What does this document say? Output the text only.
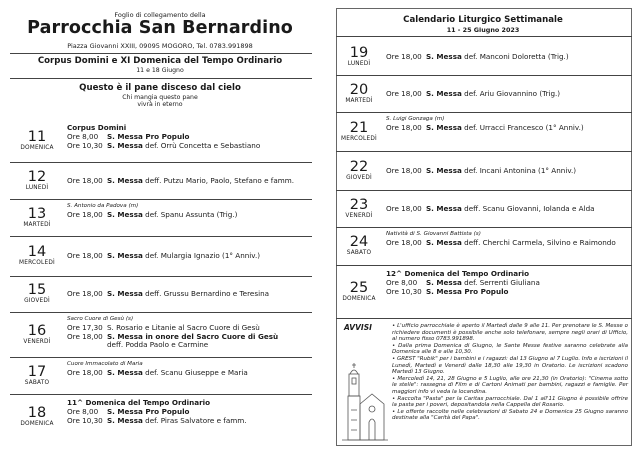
Foglio di collegamento della
Parrocchia San Bernardino
Piazza Giovanni XXIII, 09095 MOGORO, Tel. 0783.991898
Corpus Domini e XI Domenica del Tempo Ordinario
11 e 18 Giugno
Questo è il pane disceso dal cielo
Chi mangia questo pane
vivrà in eterno
11
DOMENICA
Corpus Domini
Ore 8,00 S. Messa Pro Populo
Ore 10,30 S. Messa def. Orrù Concetta e Sebastiano
12
LUNEDÌ
Ore 18,00 S. Messa deff. Putzu Mario, Paolo, Stefano e famm.
13
MARTEDÌ
S. Antonio da Padova (m)
Ore 18,00 S. Messa def. Spanu Assunta (Trig.)
14
MERCOLEDÌ
Ore 18,00 S. Messa def. Mulargia Ignazio (1° Anniv.)
15
GIOVEDÌ
Ore 18,00 S. Messa deff. Grussu Bernardino e Teresina
16
VENERDÌ
Sacro Cuore di Gesù (s)
Ore 17,30 S. Rosario e Litanie al Sacro Cuore di Gesù
Ore 18,00 S. Messa in onore del Sacro Cuore di Gesù
deff. Podda Paolo e Carmine
17
SABATO
Cuore Immacolato di Maria
Ore 18,00 S. Messa def. Scanu Giuseppe e Maria
18
DOMENICA
11^ Domenica del Tempo Ordinario
Ore 8,00 S. Messa Pro Populo
Ore 10,30 S. Messa def. Piras Salvatore e famm.
Calendario Liturgico Settimanale
11 - 25 Giugno 2023
19
LUNEDÌ
Ore 18,00 S. Messa def. Manconi Doloretta (Trig.)
20
MARTEDÌ
Ore 18,00 S. Messa def. Ariu Giovannino (Trig.)
21
MERCOLEDÌ
S. Luigi Gonzaga (m)
Ore 18,00 S. Messa def. Urracci Francesco (1° Anniv.)
22
GIOVEDÌ
Ore 18,00 S. Messa def. Incani Antonina (1° Anniv.)
23
VENERDÌ
Ore 18,00 S. Messa deff. Scanu Giovanni, Iolanda e Alda
24
SABATO
Natività di S. Giovanni Battista (s)
Ore 18,00 S. Messa deff. Cherchi Carmela, Silvino e Raimondo
25
DOMENICA
12^ Domenica del Tempo Ordinario
Ore 8,00 S. Messa def. Serrenti Giuliana
Ore 10,30 S. Messa Pro Populo
AVVISI
•	L'ufficio parrocchiale è aperto il Martedì dalle 9 alle 11. Per prenotare le S. Messe o richiedere documenti è possibile anche solo telefonare, sempre negli orari di Ufficio, al numero fisso 0783.991898.
• Dalla prima Domenica di Giugno, le Sante Messe festive saranno celebrate alla Domenica alle 8 e alle 10,30.
• GREST "Rubik" per i bambini e i ragazzi: dal 13 Giugno al 7 Luglio. Info e iscrizioni il Lunedì, Martedì e Venerdì dalle 18,30 alle 19,30 in Oratorio. Le iscrizioni scadono Martedì 13 Giugno.
• Mercoledì 14, 21, 28 Giugno e 5 Luglio, alle ore 21,30 (in Oratorio): "Cinema sotto le stelle": rassegna di Film e di Cartoni Animati per bambini, ragazzi e famiglie. Per maggiori info vi veda la locandina.
• Raccolta "Pasta" per la Caritas parrocchiale. Dal 1 all'11 Giugno è possibile offrire la pasta per i poveri, depositandola nella Cappella del Rosario.
• Le offerte raccolte nelle celebrazioni di Sabato 24 e Domenica 25 Giugno saranno destinate alla "Carità del Papa".
